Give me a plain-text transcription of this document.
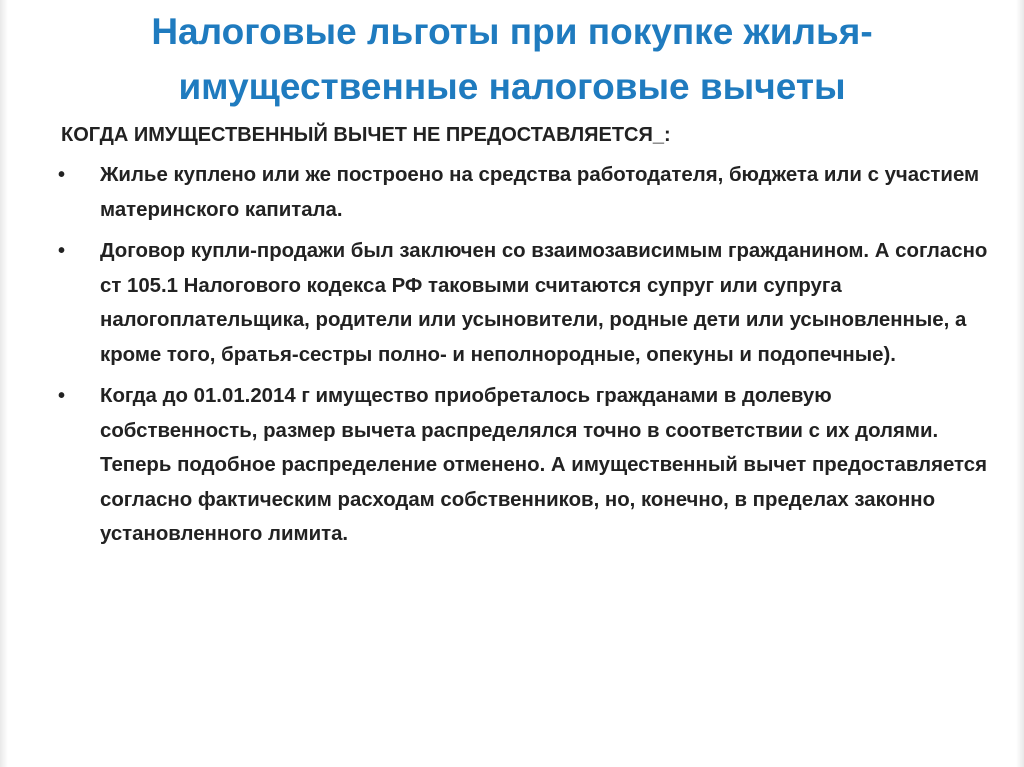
Налоговые льготы при покупке жилья-
имущественные налоговые вычеты

КОГДА ИМУЩЕСТВЕННЫЙ ВЫЧЕТ НЕ ПРЕДОСТАВЛЯЕТСЯ_:

•	Жилье куплено или же построено на средства работодателя, бюджета или с участием материнского капитала.
•	Договор купли-продажи был заключен со взаимозависимым гражданином. А согласно ст 105.1 Налогового кодекса РФ таковыми считаются супруг или супруга налогоплательщика, родители или усыновители, родные дети или усыновленные, а кроме того, братья-сестры полно- и неполнородные, опекуны и подопечные).
•	Когда до 01.01.2014 г имущество приобреталось гражданами в долевую собственность, размер вычета распределялся точно в соответствии с их долями. Теперь подобное распределение отменено. А имущественный вычет предоставляется согласно фактическим расходам собственников, но, конечно, в пределах законно установленного лимита.
